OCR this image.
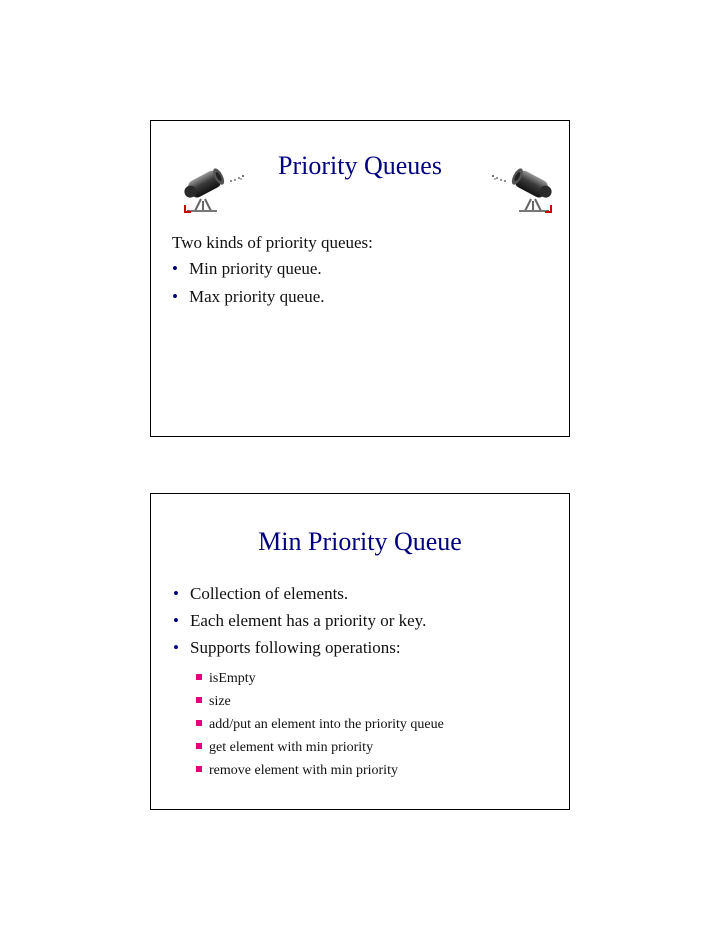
Priority Queues
Two kinds of priority queues:
• Min priority queue.
• Max priority queue.
Min Priority Queue
• Collection of elements.
• Each element has a priority or key.
• Supports following operations:
isEmpty
size
add/put an element into the priority queue
get element with min priority
remove element with min priority
